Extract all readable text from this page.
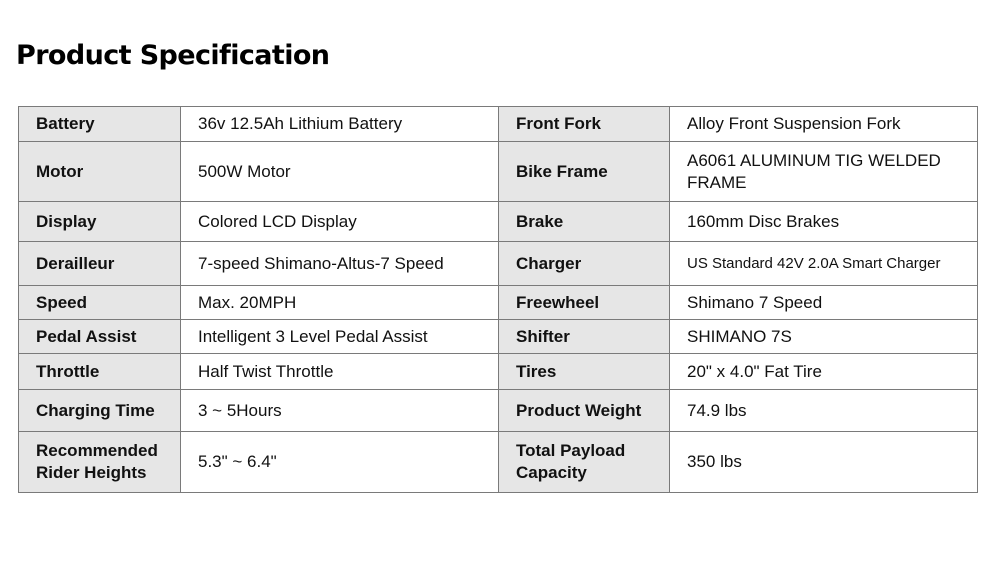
Product Specification
Battery	36v 12.5Ah Lithium Battery	Front Fork	Alloy Front Suspension Fork
Motor	500W Motor	Bike Frame	A6061 ALUMINUM TIG WELDED FRAME
Display	Colored LCD Display	Brake	160mm Disc Brakes
Derailleur	7-speed Shimano-Altus-7 Speed	Charger	US Standard 42V 2.0A Smart Charger
Speed	Max. 20MPH	Freewheel	Shimano 7 Speed
Pedal Assist	Intelligent 3 Level Pedal Assist	Shifter	SHIMANO 7S
Throttle	Half Twist Throttle	Tires	20" x 4.0" Fat Tire
Charging Time	3 ~ 5Hours	Product Weight	74.9 lbs
Recommended Rider Heights	5.3" ~ 6.4"	Total Payload Capacity	350 lbs
